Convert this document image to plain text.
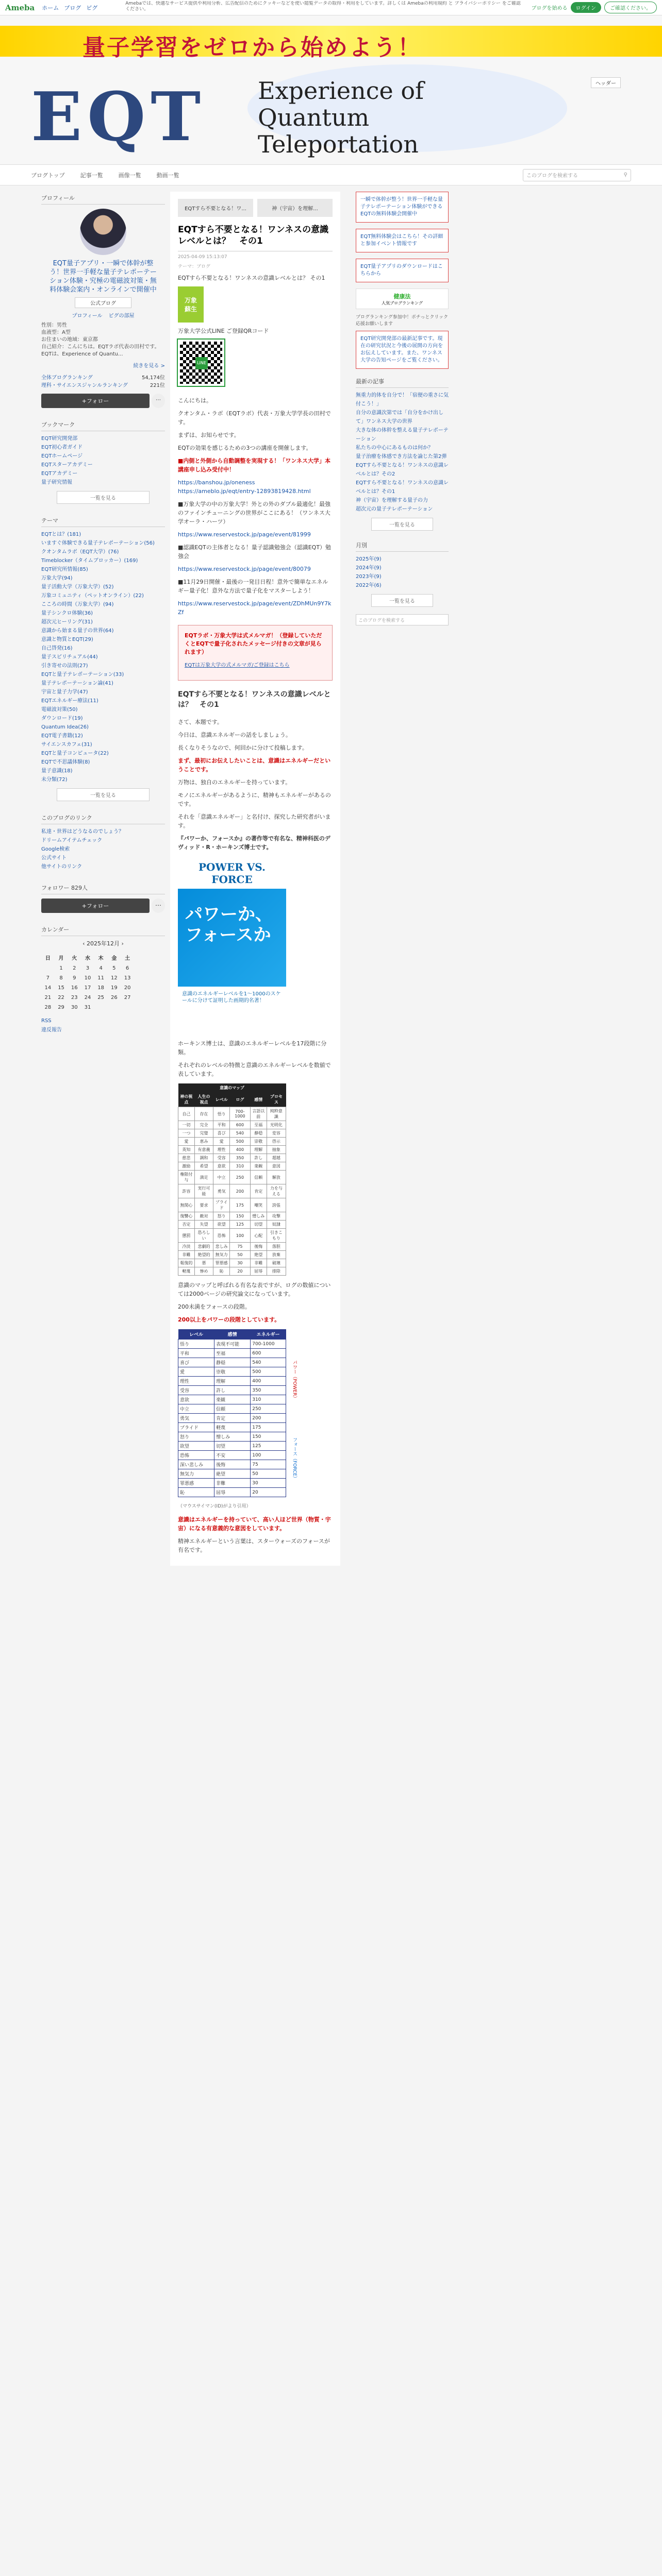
Ameba ホーム ブログ ピグ
Amebaでは、快適なサービス提供や利用分析、広告配信のためにクッキーなどを使い閲覧データの取得・利用をしています。詳しくは Amebaの利用規約 と プライバシーポリシー をご確認ください。	ブログを始める	ログイン	ご確認ください。
量子学習をゼロから始めよう！
EQT Experience of
Quantum
Teleportation
ヘッダー
ブログトップ	記事一覧	画像一覧	動画一覧	このブログを検索する	⚲
プロフィール
EQT量子アプリ・一瞬で体幹が整う！世界一手軽な量子テレポーテーション体験・究極の電磁波対策・無料体験会案内・オンラインで開催中
公式ブログ
プロフィール ピグの部屋
性別：男性
血液型：A型
お住まいの地域：東京都
自己紹介：こんにちは。EQTラボ代表の田村です。EQTは、Experience of Quantu...
続きを見る >
全体ブログランキング	54,174位
理科・サイエンスジャンルランキング	221位
+フォロー	⋯
ブックマーク
EQT研究開発部
EQT初心者ガイド
EQTホームページ
EQTスターアカデミー
EQTアカデミー
量子研究情報
一覧を見る
テーマ
EQTとは？(181)
いますぐ体験できる量子テレポーテーション(56)
クオンタムラボ（EQT大学）(76)
Timeblocker（タイムブロッカー）(169)
EQT研究所情報(85)
万象大学(94)
量子活動大学（万象大学）(52)
万象コミュニティ（ペットオンライン）(22)
こころの時間（万象大学）(94)
量子シンクロ体験(36)
超次元ヒーリング(31)
意識から始まる量子の世界(64)
意識と物質とEQT(29)
自己啓発(16)
量子スピリチュアル(44)
引き寄せの法則(27)
EQTと量子テレポーテーション(33)
量子テレポーテーション論(41)
宇宙と量子力学(47)
EQTエネルギー療法(11)
電磁波対策(50)
ダウンロード(19)
Quantum Idea(26)
EQT電子書籍(12)
サイエンスカフェ(31)
EQTと量子コンピュータ(22)
EQTで不思議体験(8)
量子意識(18)
未分類(72)
一覧を見る
このブログのリンク
私達・世界はどうなるのでしょう？
ドリームアイテムチェック
Google検索
公式サイト
他サイトのリンク
フォロワー 829人
+フォロー	⋯
カレンダー
‹ 2025年12月 ›
日	月	火	水	木	金	土
	1	2	3	4	5	6
7	8	9	10	11	12	13
14	15	16	17	18	19	20
21	22	23	24	25	26	27
28	29	30	31			
RSS
違反報告
EQTすら不要となる！ワ...	神（宇宙）を理解...
EQTすら不要となる！ワンネスの意識レベルとは？　その1
2025-04-09 15:13:07
テーマ：ブログ

EQTすら不要となる！ワンネスの意識レベルとは？ その1

万象
蘇生

万象大学公式LINE ご登録QRコード

LINE

こんにちは。

クオンタム・ラボ（EQTラボ）代表・万象大学学長の田村です。

まずは、お知らせです。

EQTの効果を感じるための3つの講座を開催します。

■内側と外側から自動調整を実現する！「ワンネス大学」本講座申し込み受付中！

https://banshou.jp/oneness
https://ameblo.jp/eqt/entry-12893819428.html

■万象大学の中の万象大学！外との外のダブル最適化！最強のファインチューニングの世界がここにある！（ワンネス大学オーラ・ハーツ）

https://www.reservestock.jp/page/event/81999

■認識EQTの主体者となる！量子認識勉強会（認識EQT）勉強会

https://www.reservestock.jp/page/event/80079

■11月29日開催・最後の一発目日程！意外で簡単なエネルギー量子化！意外な方法で量子化をマスターしよう！

https://www.reservestock.jp/page/event/ZDhMUn9Y7kZf

EQTラボ・万象大学は式メルマガ！（登録していただくとEQTで量子化されたメッセージ付きの文章が見られます）

EQTは万象大学の式メルマガ/ご登録はこちら

EQTすら不要となる！ワンネスの意識レベルとは？　その1

さて、本題です。

今日は、意識エネルギーの話をしましょう。

長くなりそうなので、何回かに分けて投稿します。

まず、最初にお伝えしたいことは、意識はエネルギーだということです。

万物は、独自のエネルギーを持っています。

モノにエネルギーがあるように、精神もエネルギーがあるのです。

それを「意識エネルギー」と名付け、探究した研究者がいます。

『パワーか、フォースか』の著作等で有名な、精神科医のデヴィッド・R・ホーキンズ博士です。

POWER VS. FORCE
パワーか、フォースか
意識のエネルギーレベルを1〜1000のスケールに分けて証明した画期的名著！

ホーキンス博士は、意識のエネルギーレベルを17段階に分類。

それぞれのレベルの特徴と意識のエネルギーレベルを数値で表しています。

意識のマップ					
神の視点	人生の視点	レベル	ログ	感情	プロセス
自己	存在	悟り	700-1000	言語以前	純粋意識
一切	完全	平和	600	至福	光明化
一つ	完璧	喜び	540	静穏	変容
愛	恵み	愛	500	崇敬	啓示
英知	有意義	理性	400	理解	抽象
慈悲	調和	受容	350	許し	超越
激励	希望	意欲	310	楽観	意図
権限付与	満足	中立	250	信頼	解放
許容	実行可能	勇気	200	肯定	力を与える
無関心	要求	プライド	175	嘲笑	誇張
復讐心	敵対	怒り	150	憎しみ	攻撃
否定	失望	欲望	125	切望	奴隷
懲罰	恐ろしい	恐怖	100	心配	引きこもり
冷淡	悲劇的	悲しみ	75	後悔	落胆
非難	絶望的	無気力	50	絶望	放棄
報復的	悪	罪悪感	30	非難	破壊
軽蔑	惨め	恥	20	屈辱	排除

意識のマップと呼ばれる有名な表ですが、ログの数値については2000ページの研究論文になっています。

200未満をフォースの段階。

200以上をパワーの段階としています。

レベル	感情	エネルギー
悟り	表現不可能	700-1000
平和	至福	600
喜び	静穏	540
愛	崇敬	500
理性	理解	400
受容	許し	350
意欲	楽観	310
中立	信頼	250
勇気	肯定	200
プライド	軽蔑	175
怒り	憎しみ	150
欲望	切望	125
恐怖	不安	100
深い悲しみ	後悔	75
無気力	絶望	50
罪悪感	非難	30
恥	屈辱	20
パワー（POWER）
フォース（FORCE）

（マウスサイマン(ID)がより引用）

意識はエネルギーを持っていて、高い人ほど世界（物質・宇宙）になる有意義的な意図をしています。

精神エネルギーという言葉は、スターウォーズのフォースが有名です。

一瞬で体幹が整う！世界一手軽な量子テレポーテーション体験ができるEQTの無料体験会開催中
EQT無料体験会はこちら！その詳細と参加イベント情報です
EQT量子アプリのダウンロードはこちらから
健康法
人気ブログランキング
プログランキング参加中！ポチっとクリック応援お願いします
EQT研究開発部の最新記事です。現在の研究状況と今後の展開の方向をお伝えしています。また、ワンネス大学の告知ページをご覧ください。
最新の記事
無重力的体を自分で！「宿便の重さに気付こう！」
自分の意識次第では「自分をかけ出して」ワンネス大学の世界
大きな体の体幹を整える量子テレポーテーション
私たちの中心にあるものは何か？
量子治療を体感でき方法を論じた第2弾
EQTすら不要となる！ワンネスの意識レベルとは？その2
EQTすら不要となる！ワンネスの意識レベルとは？その1
神（宇宙）を理解する量子の力
超次元の量子テレポーテーション
一覧を見る
月別
2025年(9)
2024年(9)
2023年(9)
2022年(6)
一覧を見る
このブログを検索する
